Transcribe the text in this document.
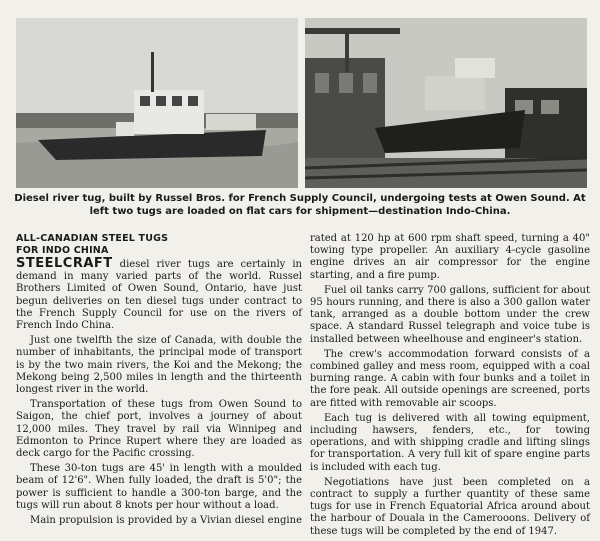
Diesel river tug, built by Russel Bros. for French Supply Council, undergoing tests at Owen Sound. At left two tugs are loaded on flat cars for shipment—destination Indo-China.
ALL-CANADIAN STEEL TUGS
FOR INDO CHINA

STEELCRAFT diesel river tugs are certainly in demand in many varied parts of the world. Russel Brothers Limited of Owen Sound, Ontario, have just begun deliveries on ten diesel tugs under contract to the French Supply Council for use on the rivers of French Indo China.

Just one twelfth the size of Canada, with double the number of inhabitants, the principal mode of transport is by the two main rivers, the Koi and the Mekong; the Mekong being 2,500 miles in length and the thirteenth longest river in the world.

Transportation of these tugs from Owen Sound to Saigon, the chief port, involves a journey of about 12,000 miles. They travel by rail via Winnipeg and Edmonton to Prince Rupert where they are loaded as deck cargo for the Pacific crossing.

These 30-ton tugs are 45' in length with a moulded beam of 12'6". When fully loaded, the draft is 5'0"; the power is sufficient to handle a 300-ton barge, and the tugs will run about 8 knots per hour without a load.

Main propulsion is provided by a Vivian diesel engine

rated at 120 hp at 600 rpm shaft speed, turning a 40" towing type propeller. An auxiliary 4-cycle gasoline engine drives an air compressor for the engine starting, and a fire pump.

Fuel oil tanks carry 700 gallons, sufficient for about 95 hours running, and there is also a 300 gallon water tank, arranged as a double bottom under the crew space. A standard Russel telegraph and voice tube is installed between wheelhouse and engineer's station.

The crew's accommodation forward consists of a combined galley and mess room, equipped with a coal burning range. A cabin with four bunks and a toilet in the fore peak. All outside openings are screened, ports are fitted with removable air scoops.

Each tug is delivered with all towing equipment, including hawsers, fenders, etc., for towing operations, and with shipping cradle and lifting slings for transportation. A very full kit of spare engine parts is included with each tug.

Negotiations have just been completed on a contract to supply a further quantity of these same tugs for use in French Equatorial Africa around about the harbour of Douala in the Camerooons. Delivery of these tugs will be completed by the end of 1947.
